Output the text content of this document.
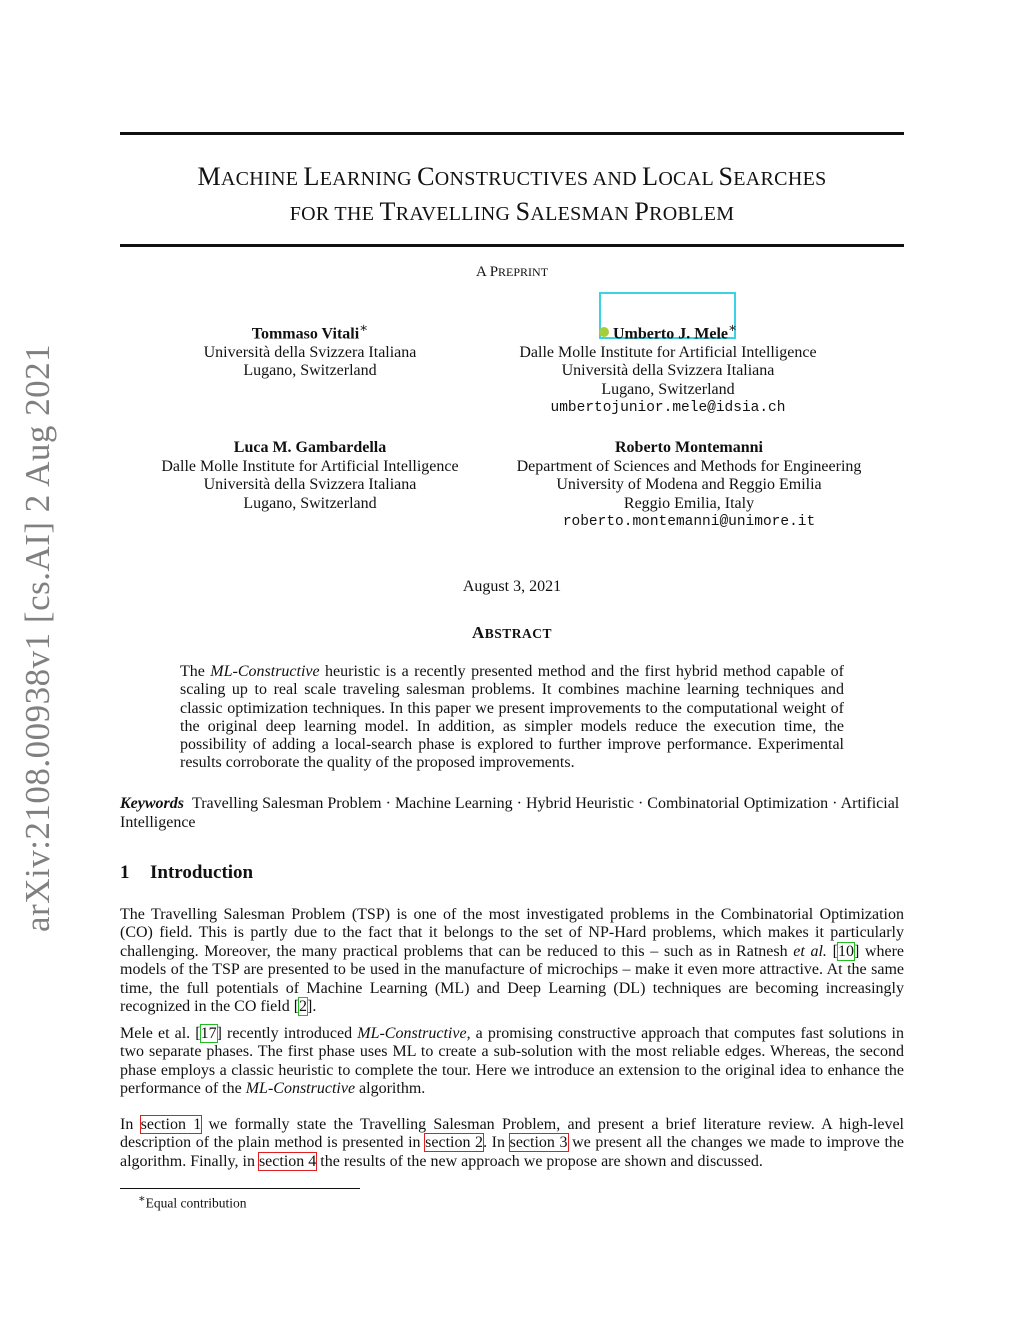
arXiv:2108.00938v1 [cs.AI] 2 Aug 2021
MACHINE LEARNING CONSTRUCTIVES AND LOCAL SEARCHES
FOR THE TRAVELLING SALESMAN PROBLEM
A PREPRINT
Tommaso Vitali∗
Università della Svizzera Italiana
Lugano, Switzerland
Umberto J. Mele∗
Dalle Molle Institute for Artificial Intelligence
Università della Svizzera Italiana
Lugano, Switzerland
umbertojunior.mele@idsia.ch
Luca M. Gambardella
Dalle Molle Institute for Artificial Intelligence
Università della Svizzera Italiana
Lugano, Switzerland
Roberto Montemanni
Department of Sciences and Methods for Engineering
University of Modena and Reggio Emilia
Reggio Emilia, Italy
roberto.montemanni@unimore.it
August 3, 2021
ABSTRACT
The ML-Constructive heuristic is a recently presented method and the first hybrid method capable of scaling up to real scale traveling salesman problems. It combines machine learning techniques and classic optimization techniques. In this paper we present improvements to the computational weight of the original deep learning model. In addition, as simpler models reduce the execution time, the possibility of adding a local-search phase is explored to further improve performance. Experimental results corroborate the quality of the proposed improvements.
Keywords Travelling Salesman Problem · Machine Learning · Hybrid Heuristic · Combinatorial Optimization · Artificial Intelligence
1 Introduction
The Travelling Salesman Problem (TSP) is one of the most investigated problems in the Combinatorial Optimization (CO) field. This is partly due to the fact that it belongs to the set of NP-Hard problems, which makes it particularly challenging. Moreover, the many practical problems that can be reduced to this – such as in Ratnesh et al. [10] where models of the TSP are presented to be used in the manufacture of microchips – make it even more attractive. At the same time, the full potentials of Machine Learning (ML) and Deep Learning (DL) techniques are becoming increasingly recognized in the CO field [2].
Mele et al. [17] recently introduced ML-Constructive, a promising constructive approach that computes fast solutions in two separate phases. The first phase uses ML to create a sub-solution with the most reliable edges. Whereas, the second phase employs a classic heuristic to complete the tour. Here we introduce an extension to the original idea to enhance the performance of the ML-Constructive algorithm.
In section 1 we formally state the Travelling Salesman Problem, and present a brief literature review. A high-level description of the plain method is presented in section 2. In section 3 we present all the changes we made to improve the algorithm. Finally, in section 4 the results of the new approach we propose are shown and discussed.
∗Equal contribution
